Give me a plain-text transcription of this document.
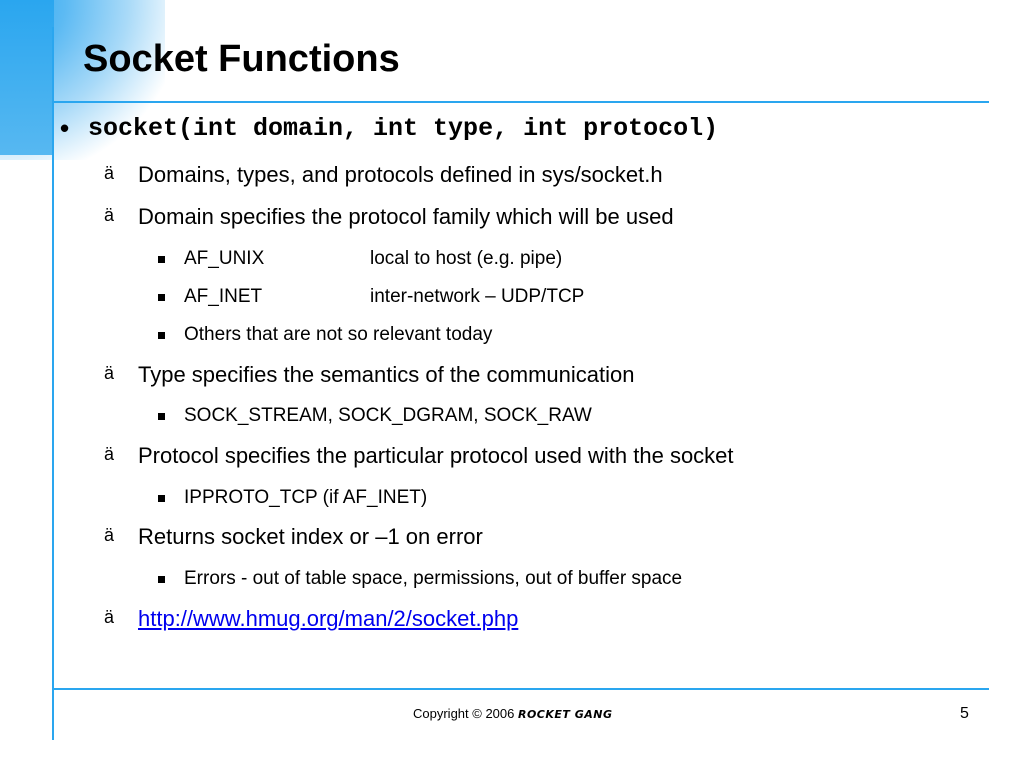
Socket Functions
• socket(int domain, int type, int protocol)
ä Domains, types, and protocols defined in sys/socket.h
ä Domain specifies the protocol family which will be used
AF_UNIX	local to host (e.g. pipe)
AF_INET	inter-network – UDP/TCP
Others that are not so relevant today
ä Type specifies the semantics of the communication
SOCK_STREAM, SOCK_DGRAM, SOCK_RAW
ä Protocol specifies the particular protocol used with the socket
IPPROTO_TCP (if AF_INET)
ä Returns socket index or –1 on error
Errors - out of table space, permissions, out of buffer space
ä http://www.hmug.org/man/2/socket.php
Copyright © 2006 ROCKET GANG	5
